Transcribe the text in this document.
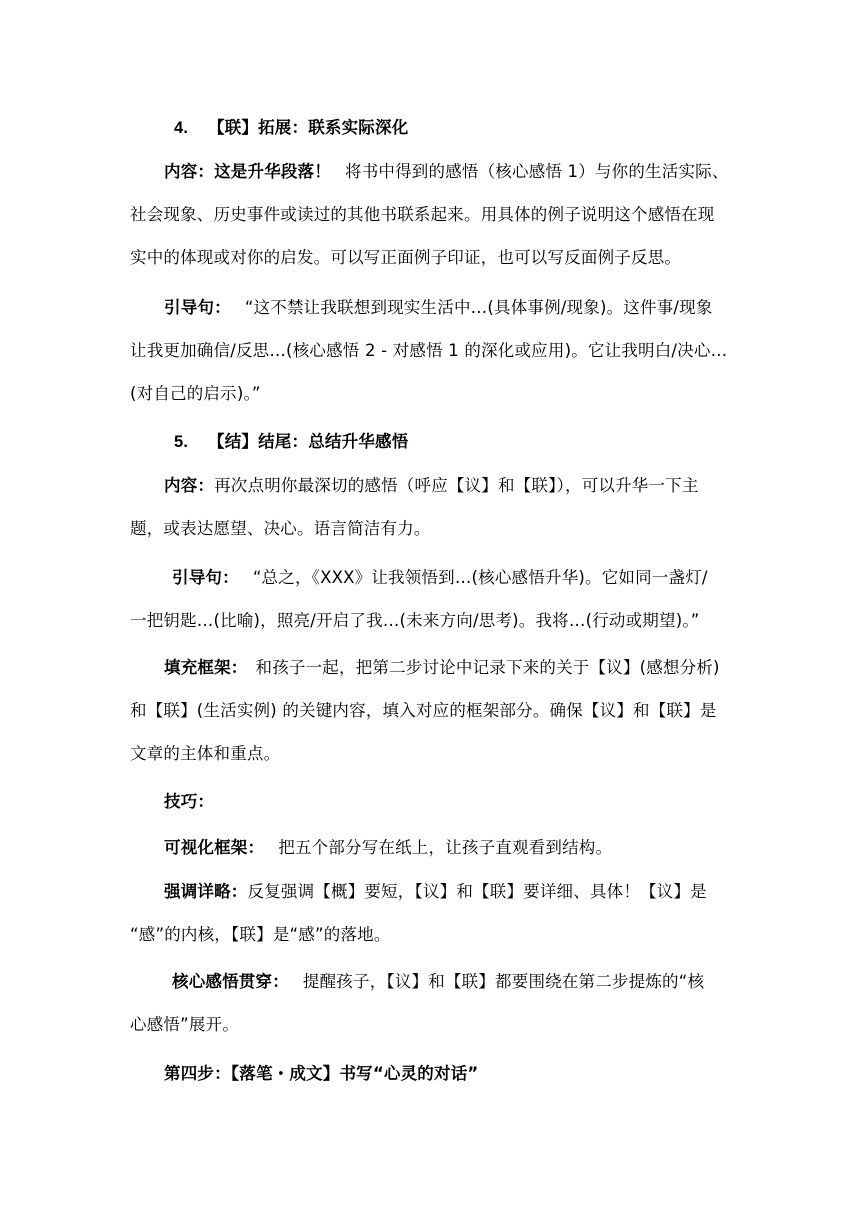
4. 【联】拓展：联系实际深化
内容：这是升华段落！ 将书中得到的感悟（核心感悟 1）与你的生活实际、
社会现象、历史事件或读过的其他书联系起来。用具体的例子说明这个感悟在现
实中的体现或对你的启发。可以写正面例子印证，也可以写反面例子反思。
引导句： “这不禁让我联想到现实生活中…(具体事例/现象)。这件事/现象
让我更加确信/反思…(核心感悟 2 - 对感悟 1 的深化或应用)。它让我明白/决心…
(对自己的启示)。”
5. 【结】结尾：总结升华感悟
内容：再次点明你最深切的感悟（呼应【议】和【联】），可以升华一下主
题，或表达愿望、决心。语言简洁有力。
引导句： “总之，《XXX》让我领悟到…(核心感悟升华)。它如同一盏灯/
一把钥匙…(比喻)，照亮/开启了我…(未来方向/思考)。我将…(行动或期望)。”
填充框架： 和孩子一起，把第二步讨论中记录下来的关于【议】(感想分析)
和【联】(生活实例) 的关键内容，填入对应的框架部分。确保【议】和【联】是
文章的主体和重点。
技巧：
可视化框架： 把五个部分写在纸上，让孩子直观看到结构。
强调详略：反复强调【概】要短，【议】和【联】要详细、具体！【议】是
“感”的内核，【联】是“感”的落地。
核心感悟贯穿： 提醒孩子，【议】和【联】都要围绕在第二步提炼的“核
心感悟”展开。
第四步：【落笔・成文】书写“心灵的对话”
